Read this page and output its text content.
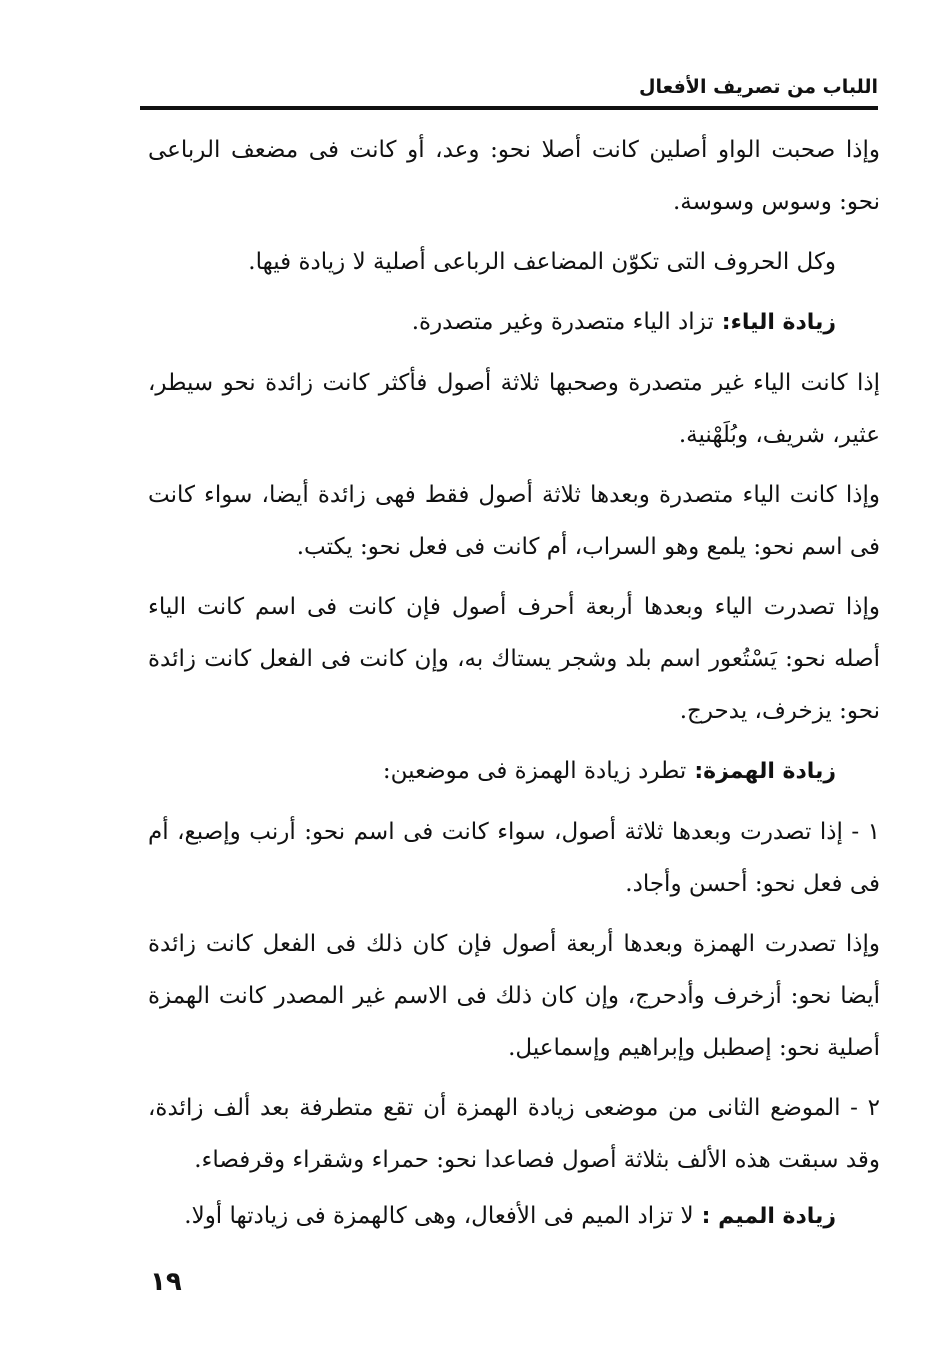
اللباب من تصريف الأفعال

وإذا صحبت الواو أصلين كانت أصلا نحو: وعد، أو كانت فى مضعف الرباعى نحو: وسوس وسوسة.

وكل الحروف التى تكوّن المضاعف الرباعى أصلية لا زيادة فيها.

زيادة الياء:تزاد الياء متصدرة وغير متصدرة.

إذا كانت الياء غير متصدرة وصحبها ثلاثة أصول فأكثر كانت زائدة نحو سيطر، عثير، شريف، وبُلَهْنية.

وإذا كانت الياء متصدرة وبعدها ثلاثة أصول فقط فهى زائدة أيضا، سواء كانت فى اسم نحو: يلمع وهو السراب، أم كانت فى فعل نحو: يكتب.

وإذا تصدرت الياء وبعدها أربعة أحرف أصول فإن كانت فى اسم كانت الياء أصله نحو: يَسْتُعور اسم بلد وشجر يستاك به، وإن كانت فى الفعل كانت زائدة نحو: يزخرف، يدحرج.

زيادة الهمزة:تطرد زيادة الهمزة فى موضعين:

١ - إذا تصدرت وبعدها ثلاثة أصول، سواء كانت فى اسم نحو: أرنب وإصبع، أم فى فعل نحو: أحسن وأجاد.

وإذا تصدرت الهمزة وبعدها أربعة أصول فإن كان ذلك فى الفعل كانت زائدة أيضا نحو: أزخرف وأدحرج، وإن كان ذلك فى الاسم غير المصدر كانت الهمزة أصلية نحو: إصطبل وإبراهيم وإسماعيل.

٢ - الموضع الثانى من موضعى زيادة الهمزة أن تقع متطرفة بعد ألف زائدة، وقد سبقت هذه الألف بثلاثة أصول فصاعدا نحو: حمراء وشقراء وقرفصاء.

زيادة الميم :لا تزاد الميم فى الأفعال، وهى كالهمزة فى زيادتها أولا.

١٩
